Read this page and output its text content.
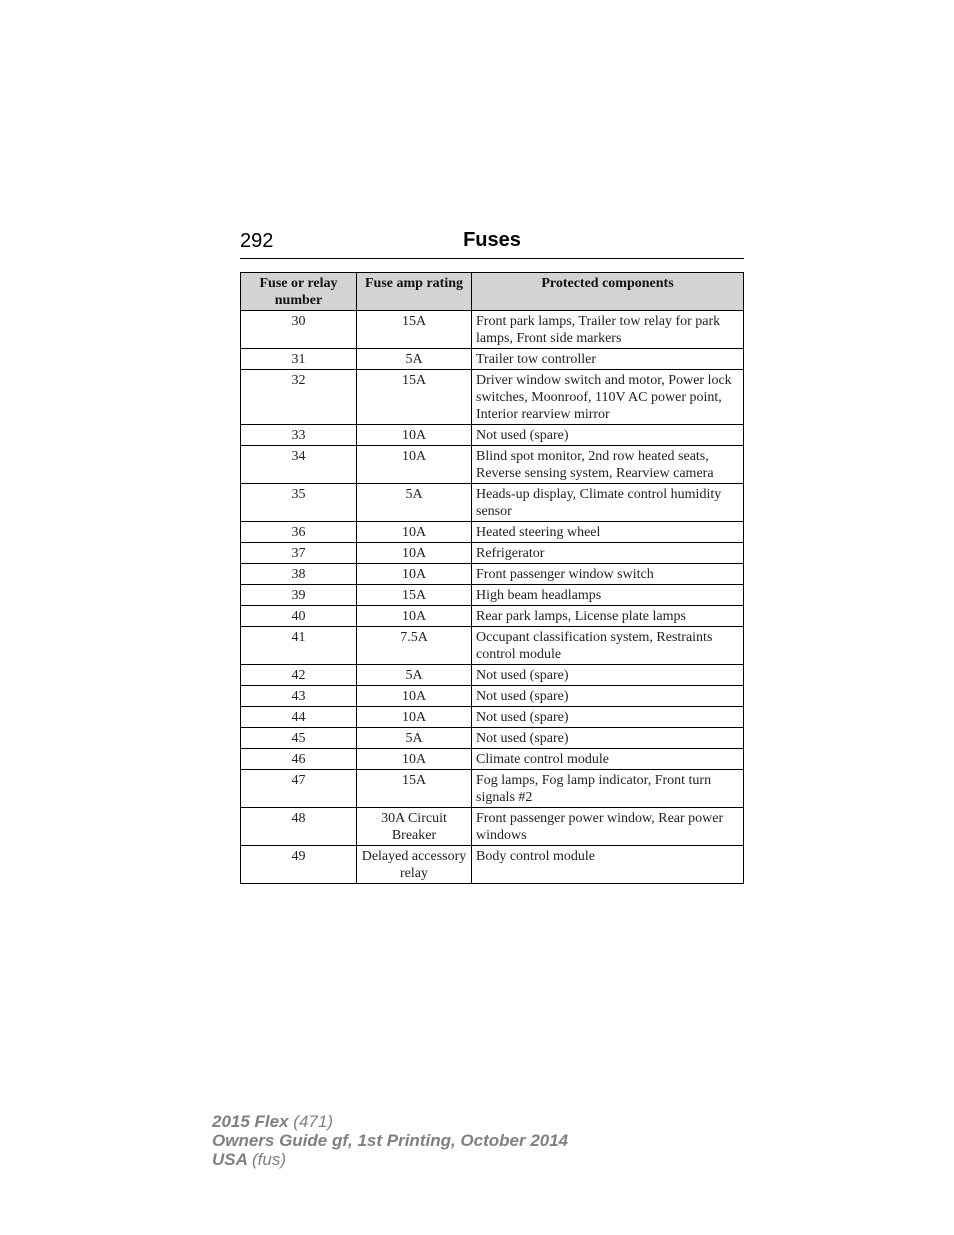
292	Fuses
Fuse or relay number	Fuse amp rating	Protected components
30	15A	Front park lamps, Trailer tow relay for park lamps, Front side markers
31	5A	Trailer tow controller
32	15A	Driver window switch and motor, Power lock switches, Moonroof, 110V AC power point, Interior rearview mirror
33	10A	Not used (spare)
34	10A	Blind spot monitor, 2nd row heated seats, Reverse sensing system, Rearview camera
35	5A	Heads-up display, Climate control humidity sensor
36	10A	Heated steering wheel
37	10A	Refrigerator
38	10A	Front passenger window switch
39	15A	High beam headlamps
40	10A	Rear park lamps, License plate lamps
41	7.5A	Occupant classification system, Restraints control module
42	5A	Not used (spare)
43	10A	Not used (spare)
44	10A	Not used (spare)
45	5A	Not used (spare)
46	10A	Climate control module
47	15A	Fog lamps, Fog lamp indicator, Front turn signals #2
48	30A Circuit Breaker	Front passenger power window, Rear power windows
49	Delayed accessory relay	Body control module
2015 Flex (471)
Owners Guide gf, 1st Printing, October 2014
USA (fus)
